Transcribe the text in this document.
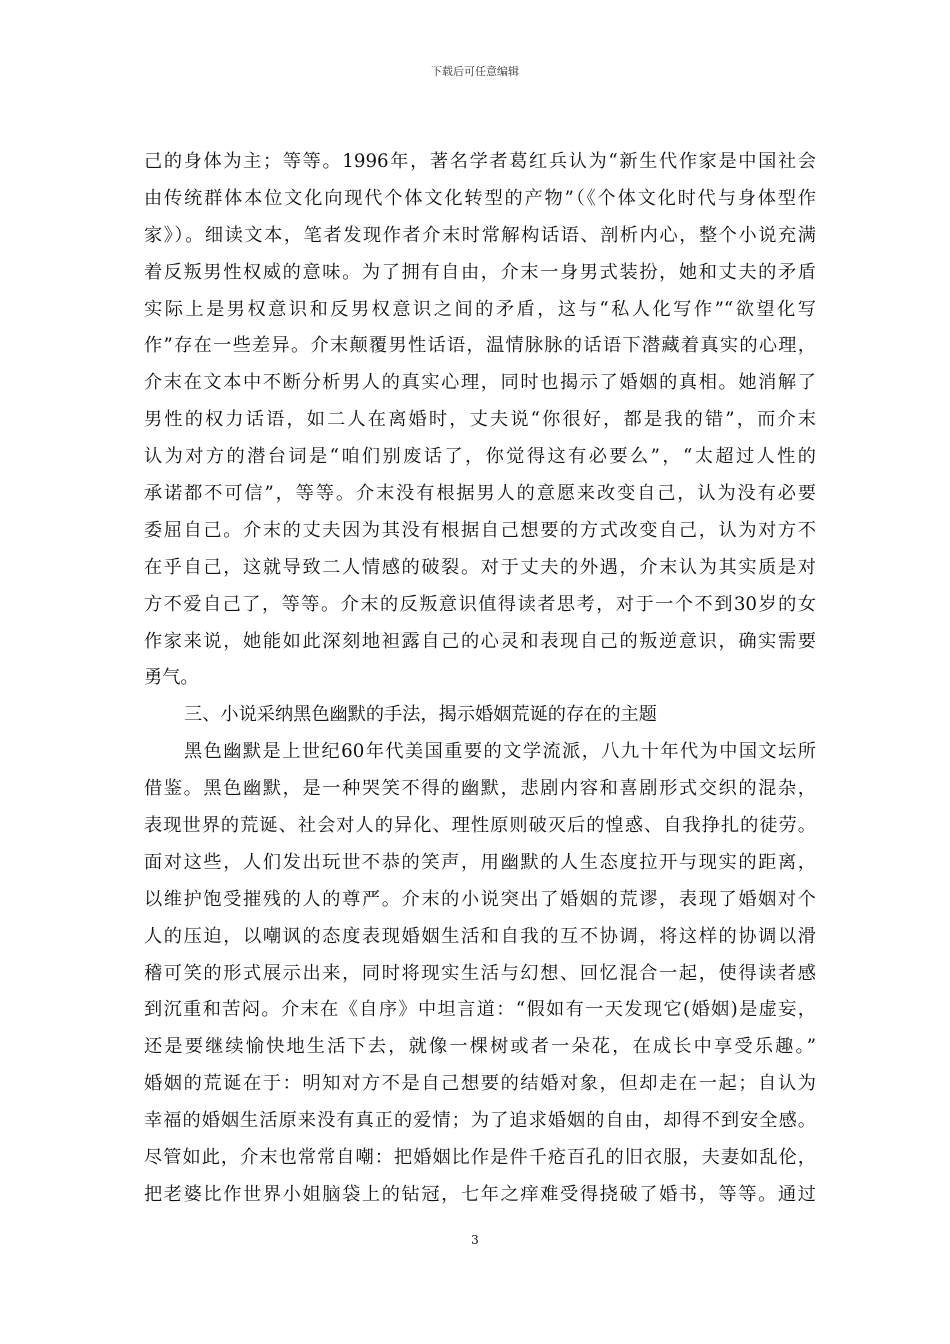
下载后可任意编辑
己的身体为主；等等。1996年，著名学者葛红兵认为“新生代作家是中国社会
由传统群体本位文化向现代个体文化转型的产物”（《个体文化时代与身体型作
家》）。细读文本，笔者发现作者介末时常解构话语、剖析内心，整个小说充满
着反叛男性权威的意味。为了拥有自由，介末一身男式装扮，她和丈夫的矛盾
实际上是男权意识和反男权意识之间的矛盾，这与“私人化写作”“欲望化写
作”存在一些差异。介末颠覆男性话语，温情脉脉的话语下潜藏着真实的心理，
介末在文本中不断分析男人的真实心理，同时也揭示了婚姻的真相。她消解了
男性的权力话语，如二人在离婚时，丈夫说“你很好，都是我的错”，而介末
认为对方的潜台词是“咱们别废话了，你觉得这有必要么”，“太超过人性的
承诺都不可信”，等等。介末没有根据男人的意愿来改变自己，认为没有必要
委屈自己。介末的丈夫因为其没有根据自己想要的方式改变自己，认为对方不
在乎自己，这就导致二人情感的破裂。对于丈夫的外遇，介末认为其实质是对
方不爱自己了，等等。介末的反叛意识值得读者思考，对于一个不到30岁的女
作家来说，她能如此深刻地袒露自己的心灵和表现自己的叛逆意识，确实需要
勇气。
三、小说采纳黑色幽默的手法，揭示婚姻荒诞的存在的主题
黑色幽默是上世纪60年代美国重要的文学流派，八九十年代为中国文坛所
借鉴。黑色幽默，是一种哭笑不得的幽默，悲剧内容和喜剧形式交织的混杂，
表现世界的荒诞、社会对人的异化、理性原则破灭后的惶惑、自我挣扎的徒劳。
面对这些，人们发出玩世不恭的笑声，用幽默的人生态度拉开与现实的距离，
以维护饱受摧残的人的尊严。介末的小说突出了婚姻的荒谬，表现了婚姻对个
人的压迫，以嘲讽的态度表现婚姻生活和自我的互不协调，将这样的协调以滑
稽可笑的形式展示出来，同时将现实生活与幻想、回忆混合一起，使得读者感
到沉重和苦闷。介末在《自序》中坦言道：“假如有一天发现它(婚姻)是虚妄，
还是要继续愉快地生活下去，就像一棵树或者一朵花，在成长中享受乐趣。”
婚姻的荒诞在于：明知对方不是自己想要的结婚对象，但却走在一起；自认为
幸福的婚姻生活原来没有真正的爱情；为了追求婚姻的自由，却得不到安全感。
尽管如此，介末也常常自嘲：把婚姻比作是件千疮百孔的旧衣服，夫妻如乱伦，
把老婆比作世界小姐脑袋上的钻冠，七年之痒难受得挠破了婚书，等等。通过
3
